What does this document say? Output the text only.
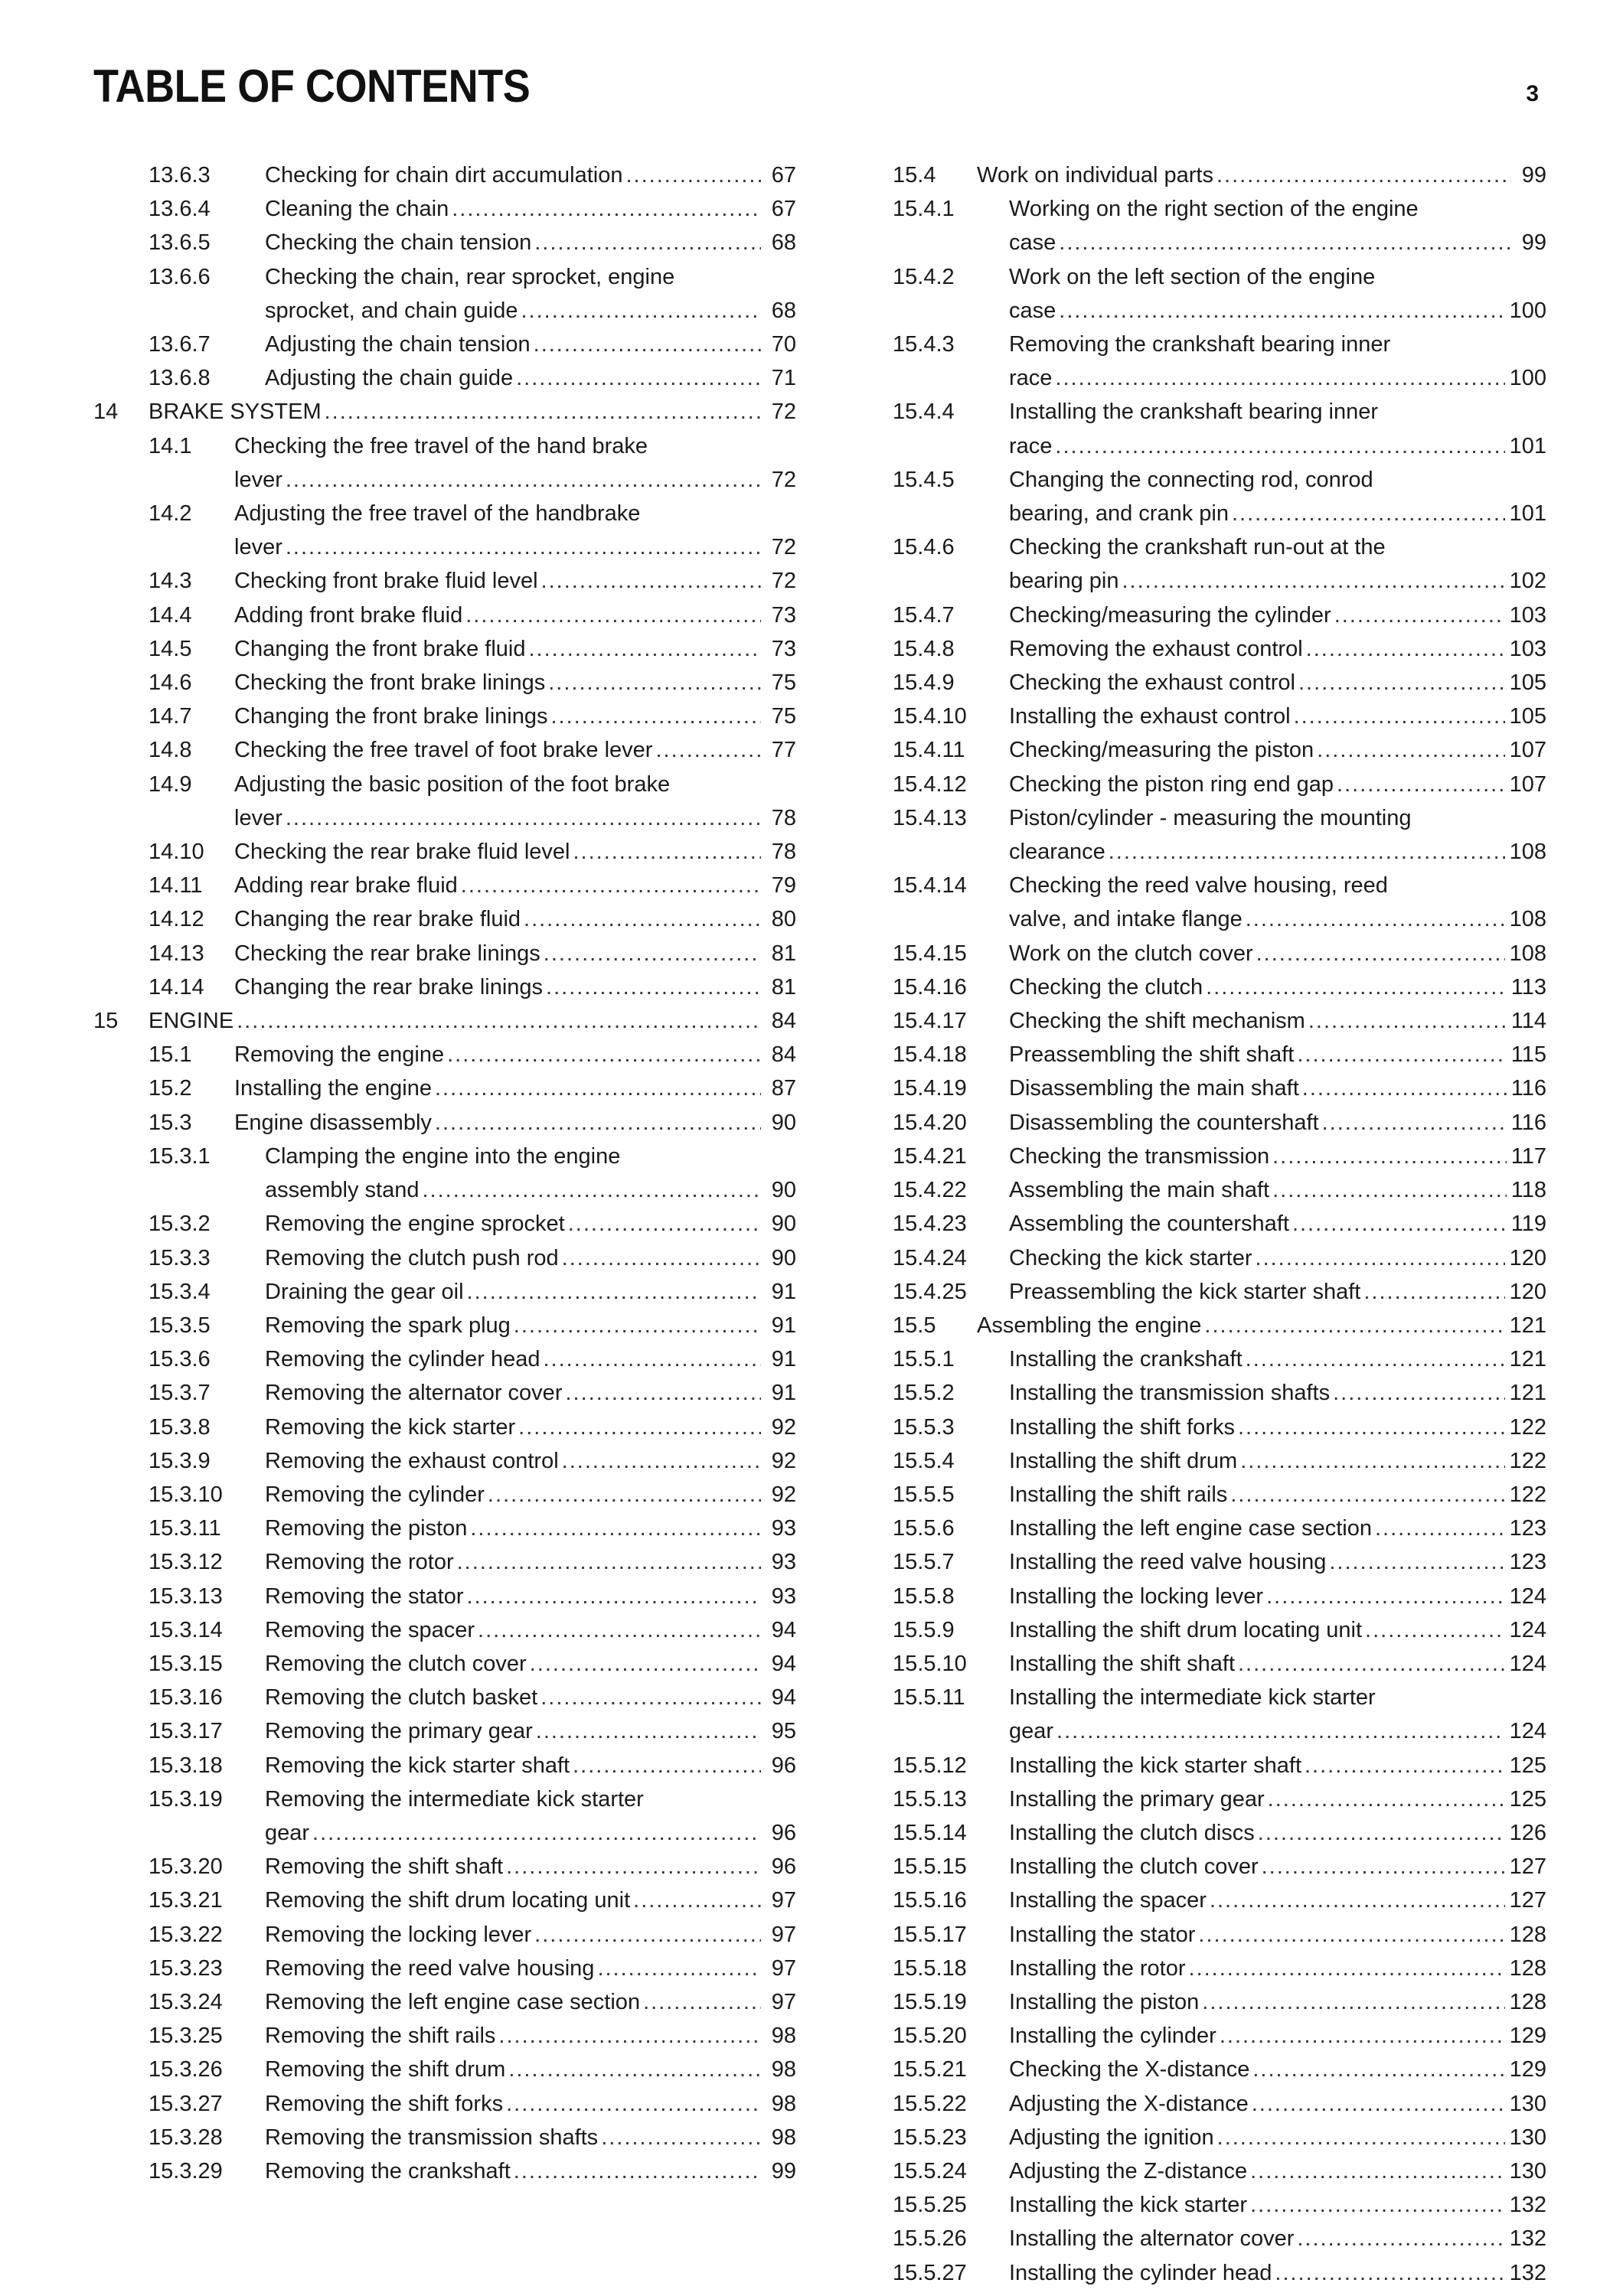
TABLE OF CONTENTS	3
13.6.3 Checking for chain dirt accumulation .....	67
13.6.4 Cleaning the chain .....	67
13.6.5 Checking the chain tension .....	68
13.6.6 Checking the chain, rear sprocket, engine
sprocket, and chain guide .....	68
13.6.7 Adjusting the chain tension .....	70
13.6.8 Adjusting the chain guide .....	71
14 BRAKE SYSTEM .....	72
14.1 Checking the free travel of the hand brake
lever .....	72
14.2 Adjusting the free travel of the handbrake
lever .....	72
14.3 Checking front brake fluid level .....	72
14.4 Adding front brake fluid .....	73
14.5 Changing the front brake fluid .....	73
14.6 Checking the front brake linings .....	75
14.7 Changing the front brake linings .....	75
14.8 Checking the free travel of foot brake lever .....	77
14.9 Adjusting the basic position of the foot brake
lever .....	78
14.10 Checking the rear brake fluid level .....	78
14.11 Adding rear brake fluid .....	79
14.12 Changing the rear brake fluid .....	80
14.13 Checking the rear brake linings .....	81
14.14 Changing the rear brake linings .....	81
15 ENGINE .....	84
15.1 Removing the engine .....	84
15.2 Installing the engine .....	87
15.3 Engine disassembly .....	90
15.3.1 Clamping the engine into the engine
assembly stand .....	90
15.3.2 Removing the engine sprocket .....	90
15.3.3 Removing the clutch push rod .....	90
15.3.4 Draining the gear oil .....	91
15.3.5 Removing the spark plug .....	91
15.3.6 Removing the cylinder head .....	91
15.3.7 Removing the alternator cover .....	91
15.3.8 Removing the kick starter .....	92
15.3.9 Removing the exhaust control .....	92
15.3.10 Removing the cylinder .....	92
15.3.11 Removing the piston .....	93
15.3.12 Removing the rotor .....	93
15.3.13 Removing the stator .....	93
15.3.14 Removing the spacer .....	94
15.3.15 Removing the clutch cover .....	94
15.3.16 Removing the clutch basket .....	94
15.3.17 Removing the primary gear .....	95
15.3.18 Removing the kick starter shaft .....	96
15.3.19 Removing the intermediate kick starter
gear .....	96
15.3.20 Removing the shift shaft .....	96
15.3.21 Removing the shift drum locating unit .....	97
15.3.22 Removing the locking lever .....	97
15.3.23 Removing the reed valve housing .....	97
15.3.24 Removing the left engine case section .....	97
15.3.25 Removing the shift rails .....	98
15.3.26 Removing the shift drum .....	98
15.3.27 Removing the shift forks .....	98
15.3.28 Removing the transmission shafts .....	98
15.3.29 Removing the crankshaft .....	99
15.4 Work on individual parts .....	99
15.4.1 Working on the right section of the engine
case .....	99
15.4.2 Work on the left section of the engine
case .....	100
15.4.3 Removing the crankshaft bearing inner
race .....	100
15.4.4 Installing the crankshaft bearing inner
race .....	101
15.4.5 Changing the connecting rod, conrod
bearing, and crank pin .....	101
15.4.6 Checking the crankshaft run-out at the
bearing pin .....	102
15.4.7 Checking/measuring the cylinder .....	103
15.4.8 Removing the exhaust control .....	103
15.4.9 Checking the exhaust control .....	105
15.4.10 Installing the exhaust control .....	105
15.4.11 Checking/measuring the piston .....	107
15.4.12 Checking the piston ring end gap .....	107
15.4.13 Piston/cylinder - measuring the mounting
clearance .....	108
15.4.14 Checking the reed valve housing, reed
valve, and intake flange .....	108
15.4.15 Work on the clutch cover .....	108
15.4.16 Checking the clutch .....	113
15.4.17 Checking the shift mechanism .....	114
15.4.18 Preassembling the shift shaft .....	115
15.4.19 Disassembling the main shaft .....	116
15.4.20 Disassembling the countershaft .....	116
15.4.21 Checking the transmission .....	117
15.4.22 Assembling the main shaft .....	118
15.4.23 Assembling the countershaft .....	119
15.4.24 Checking the kick starter .....	120
15.4.25 Preassembling the kick starter shaft .....	120
15.5 Assembling the engine .....	121
15.5.1 Installing the crankshaft .....	121
15.5.2 Installing the transmission shafts .....	121
15.5.3 Installing the shift forks .....	122
15.5.4 Installing the shift drum .....	122
15.5.5 Installing the shift rails .....	122
15.5.6 Installing the left engine case section .....	123
15.5.7 Installing the reed valve housing .....	123
15.5.8 Installing the locking lever .....	124
15.5.9 Installing the shift drum locating unit .....	124
15.5.10 Installing the shift shaft .....	124
15.5.11 Installing the intermediate kick starter
gear .....	124
15.5.12 Installing the kick starter shaft .....	125
15.5.13 Installing the primary gear .....	125
15.5.14 Installing the clutch discs .....	126
15.5.15 Installing the clutch cover .....	127
15.5.16 Installing the spacer .....	127
15.5.17 Installing the stator .....	128
15.5.18 Installing the rotor .....	128
15.5.19 Installing the piston .....	128
15.5.20 Installing the cylinder .....	129
15.5.21 Checking the X-distance .....	129
15.5.22 Adjusting the X-distance .....	130
15.5.23 Adjusting the ignition .....	130
15.5.24 Adjusting the Z-distance .....	130
15.5.25 Installing the kick starter .....	132
15.5.26 Installing the alternator cover .....	132
15.5.27 Installing the cylinder head .....	132
